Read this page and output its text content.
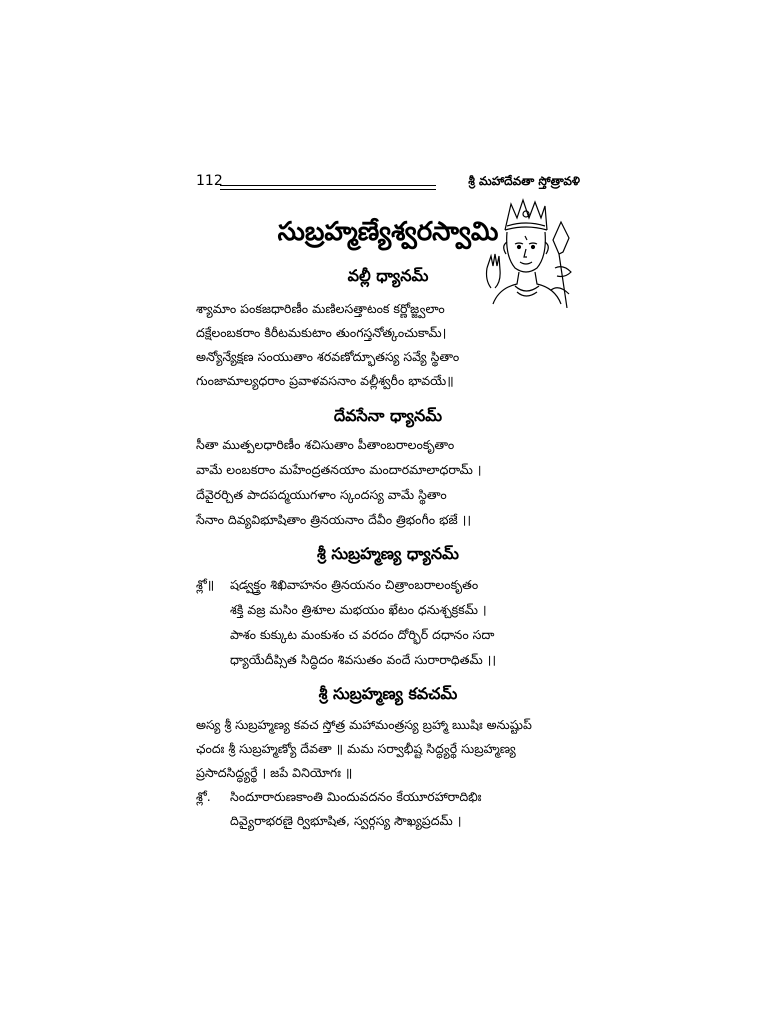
112	శ్రీ మహాదేవతా స్తోత్రావళి
సుబ్రహ్మణ్యేశ్వరస్వామి
వల్లీ ధ్యానమ్
శ్యామాం పంకజధారిణీం మణిలసత్తాటంక కర్ణోజ్జ్వలాం
దక్షేలంబకరాం కిరీటమకుటాం తుంగస్తనోత్కంచుకామ్।
అన్యోన్యేక్షణ సంయుతాం శరవణోద్భూతస్య సవ్యే స్థితాం
గుంజామాల్యధరాం ప్రవాళవసనాం వల్లీశ్వరీం భావయే॥
దేవసేనా ధ్యానమ్
సీతా ముత్పలధారిణీం శచిసుతాం పీతాంబరాలంకృతాం
వామే లంబకరాం మహేంద్రతనయాం మందారమాలాధరామ్ ।
దేవైరర్చిత పాదపద్మయుగళాం స్కందస్య వామే స్థితాం
సేనాం దివ్యవిభూషితాం త్రినయనాం దేవీం త్రిభంగీం భజే ।।
శ్రీ సుబ్రహ్మణ్య ధ్యానమ్
శ్లో॥ షడ్వక్త్రం శిఖివాహనం త్రినయనం చిత్రాంబరాలంకృతం
శక్తి వజ్ర మసిం త్రిశూల మభయం ఖేటం ధనుశ్చక్రకమ్ ।
పాశం కుక్కుట మంకుశం చ వరదం దోర్భిర్ దధానం సదా
ధ్యాయేదీప్సిత సిద్ధిదం శివసుతం వందే సురారాధితమ్ ।।
శ్రీ సుబ్రహ్మణ్య కవచమ్
అస్య శ్రీ సుబ్రహ్మణ్య కవచ స్తోత్ర మహామంత్రస్య బ్రహ్మా ఋషిః అనుష్టుప్
ఛందః శ్రీ సుబ్రహ్మణ్యో దేవతా ॥ మమ సర్వాభీష్ట సిద్ధ్యర్థే సుబ్రహ్మణ్య
ప్రసాదసిద్ధ్యర్థే । జపే వినియోగః ॥
శ్లో. సిందూరారుణకాంతి మిందువదనం కేయూరహారాదిభిః
దివ్యైరాభరణై ర్విభూషిత, స్వర్గస్య సౌఖ్యప్రదమ్ ।
